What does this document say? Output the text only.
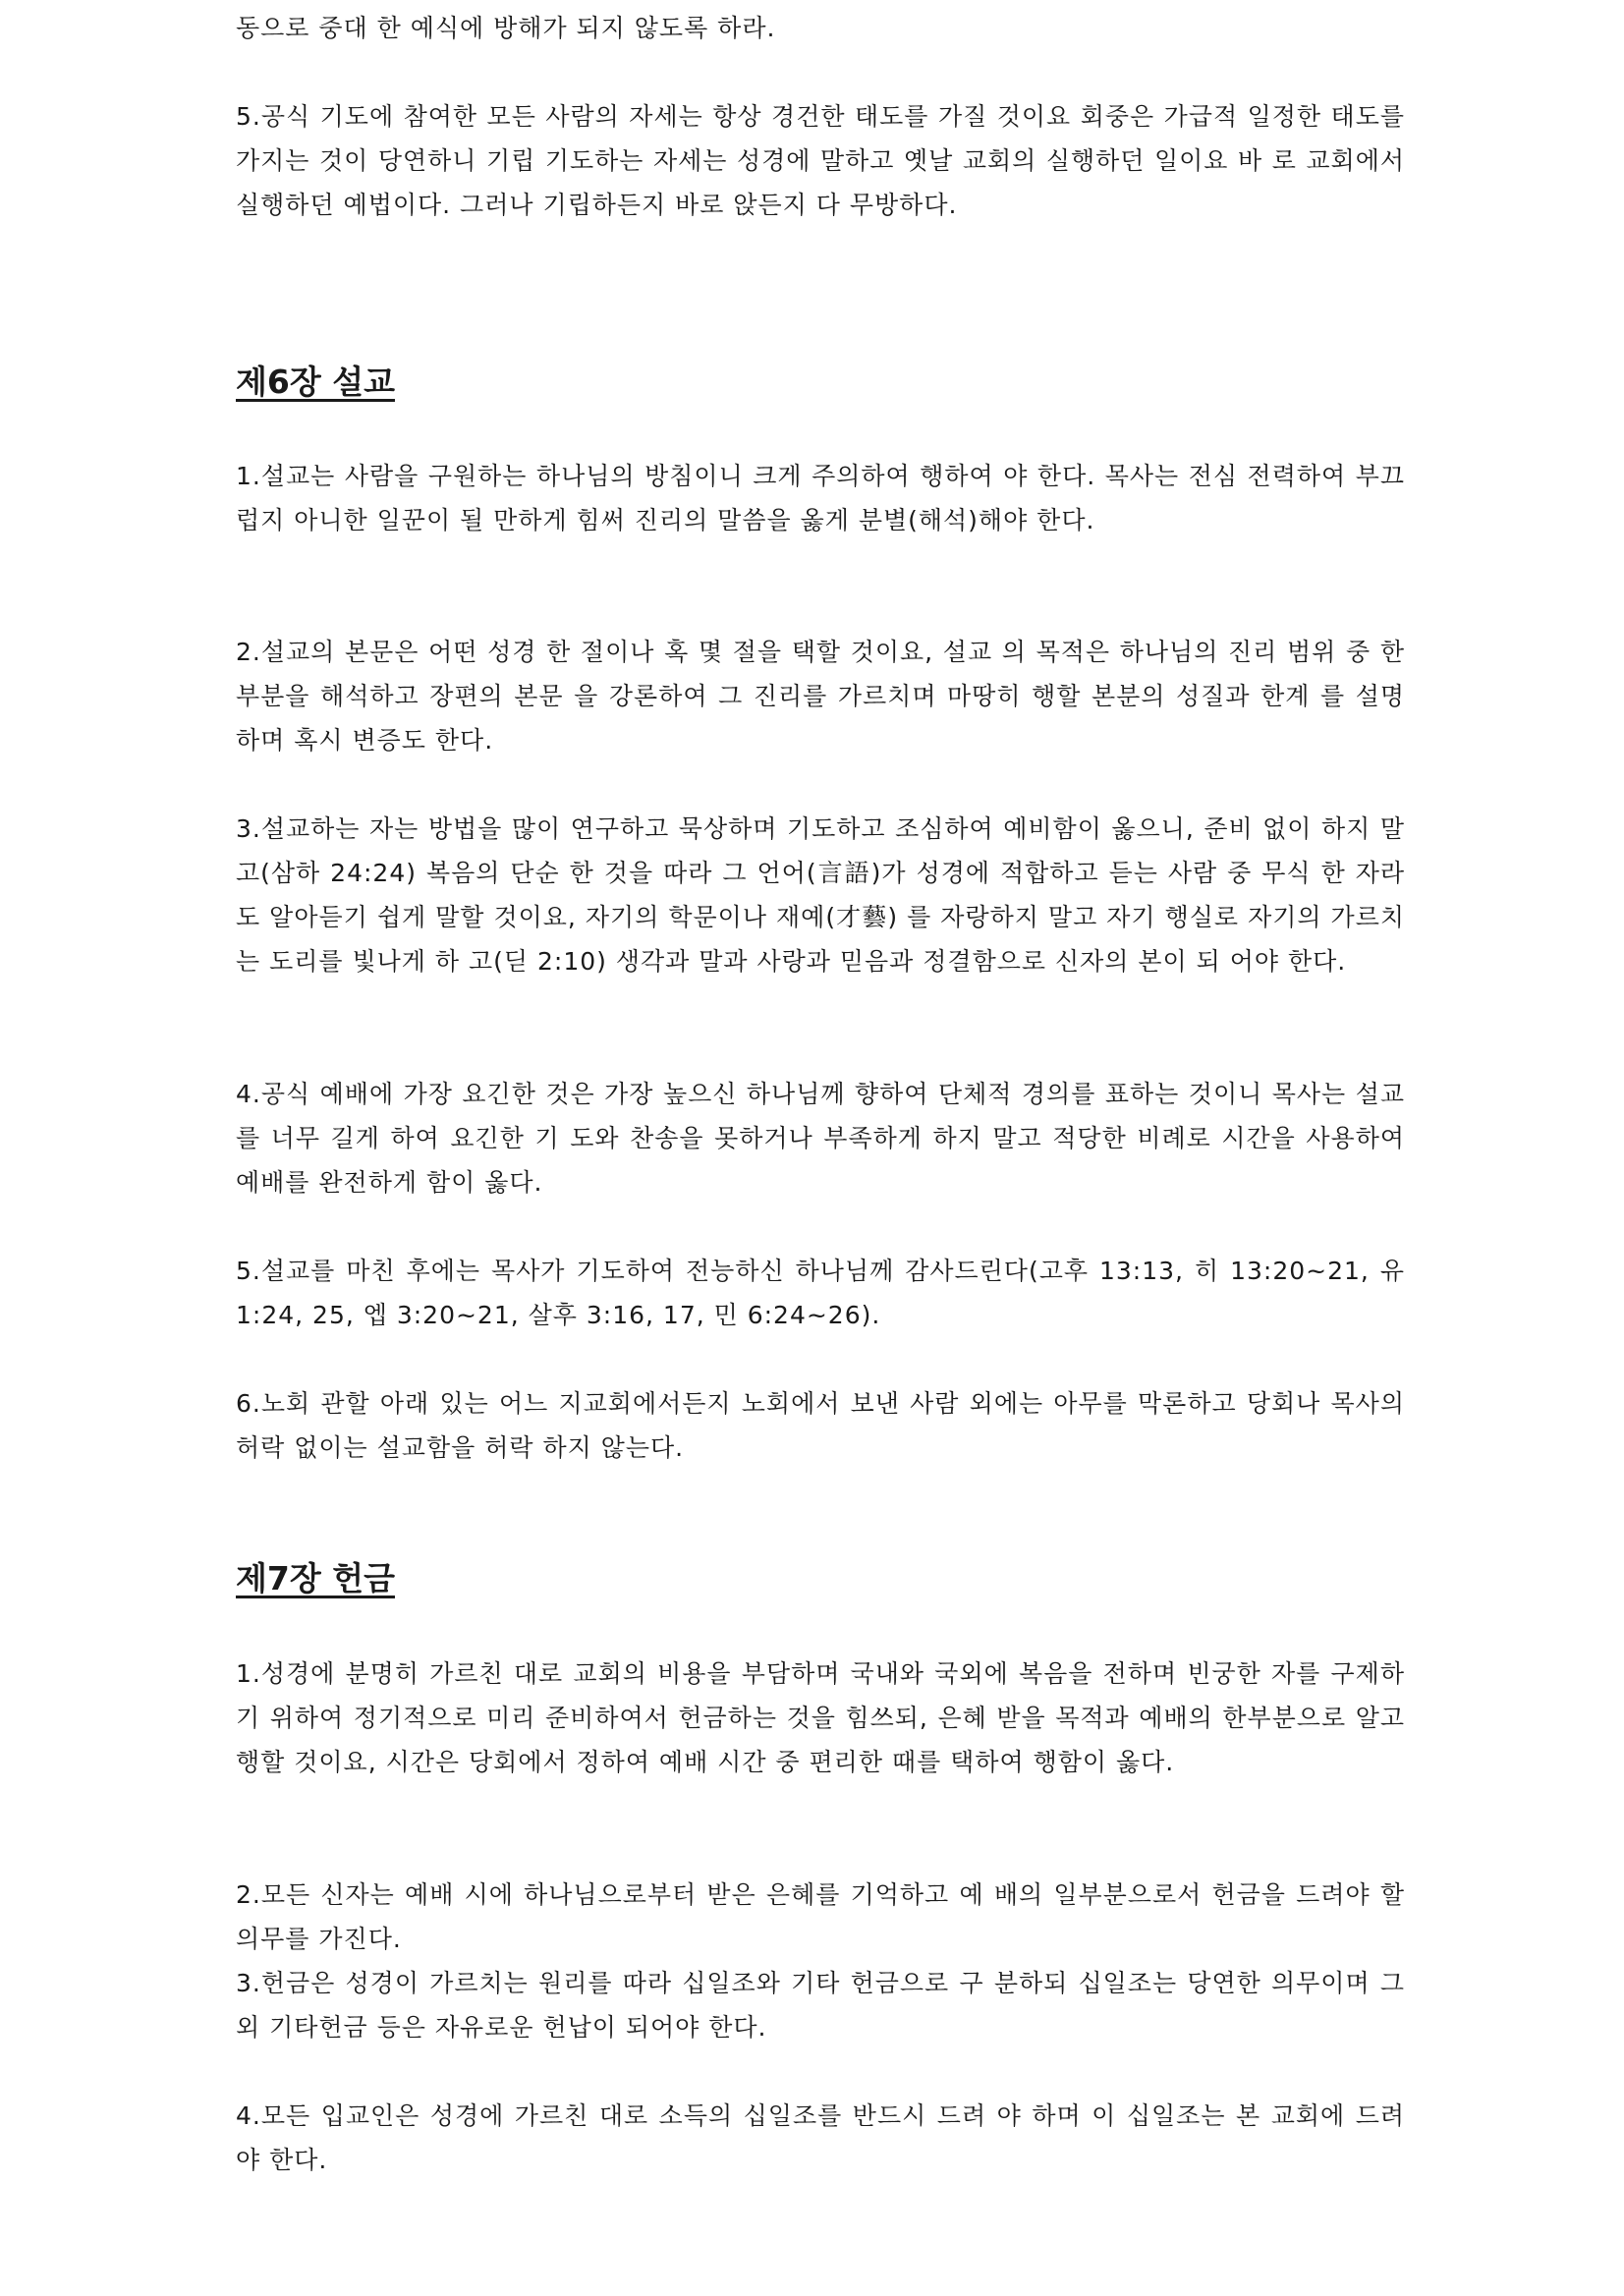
동으로 중대 한 예식에 방해가 되지 않도록 하라.

5.공식 기도에 참여한 모든 사람의 자세는 항상 경건한 태도를 가질 것이요 회중은 가급적 일정한 태도를 가지는 것이 당연하니 기립 기도하는 자세는 성경에 말하고 옛날 교회의 실행하던 일이요 바 로 교회에서 실행하던 예법이다. 그러나 기립하든지 바로 앉든지 다 무방하다.

제6장 설교

1.설교는 사람을 구원하는 하나님의 방침이니 크게 주의하여 행하여 야 한다. 목사는 전심 전력하여 부끄럽지 아니한 일꾼이 될 만하게 힘써 진리의 말씀을 옳게 분별(해석)해야 한다.

2.설교의 본문은 어떤 성경 한 절이나 혹 몇 절을 택할 것이요, 설교 의 목적은 하나님의 진리 범위 중 한 부분을 해석하고 장편의 본문 을 강론하여 그 진리를 가르치며 마땅히 행할 본분의 성질과 한계 를 설명하며 혹시 변증도 한다.

3.설교하는 자는 방법을 많이 연구하고 묵상하며 기도하고 조심하여 예비함이 옳으니, 준비 없이 하지 말고(삼하 24:24) 복음의 단순 한 것을 따라 그 언어(言語)가 성경에 적합하고 듣는 사람 중 무식 한 자라도 알아듣기 쉽게 말할 것이요, 자기의 학문이나 재예(才藝) 를 자랑하지 말고 자기 행실로 자기의 가르치는 도리를 빛나게 하 고(딛 2:10) 생각과 말과 사랑과 믿음과 정결함으로 신자의 본이 되 어야 한다.

4.공식 예배에 가장 요긴한 것은 가장 높으신 하나님께 향하여 단체적 경의를 표하는 것이니 목사는 설교를 너무 길게 하여 요긴한 기 도와 찬송을 못하거나 부족하게 하지 말고 적당한 비례로 시간을 사용하여 예배를 완전하게 함이 옳다.

5.설교를 마친 후에는 목사가 기도하여 전능하신 하나님께 감사드린다(고후 13:13, 히 13:20~21, 유 1:24, 25, 엡 3:20~21, 살후 3:16, 17, 민 6:24~26).

6.노회 관할 아래 있는 어느 지교회에서든지 노회에서 보낸 사람 외에는 아무를 막론하고 당회나 목사의 허락 없이는 설교함을 허락 하지 않는다.

제7장 헌금

1.성경에 분명히 가르친 대로 교회의 비용을 부담하며 국내와 국외에 복음을 전하며 빈궁한 자를 구제하기 위하여 정기적으로 미리 준비하여서 헌금하는 것을 힘쓰되, 은혜 받을 목적과 예배의 한부분으로 알고 행할 것이요, 시간은 당회에서 정하여 예배 시간 중 편리한 때를 택하여 행함이 옳다.

2.모든 신자는 예배 시에 하나님으로부터 받은 은혜를 기억하고 예 배의 일부분으로서 헌금을 드려야 할 의무를 가진다.

3.헌금은 성경이 가르치는 원리를 따라 십일조와 기타 헌금으로 구 분하되 십일조는 당연한 의무이며 그 외 기타헌금 등은 자유로운 헌납이 되어야 한다.

4.모든 입교인은 성경에 가르친 대로 소득의 십일조를 반드시 드려 야 하며 이 십일조는 본 교회에 드려야 한다.
